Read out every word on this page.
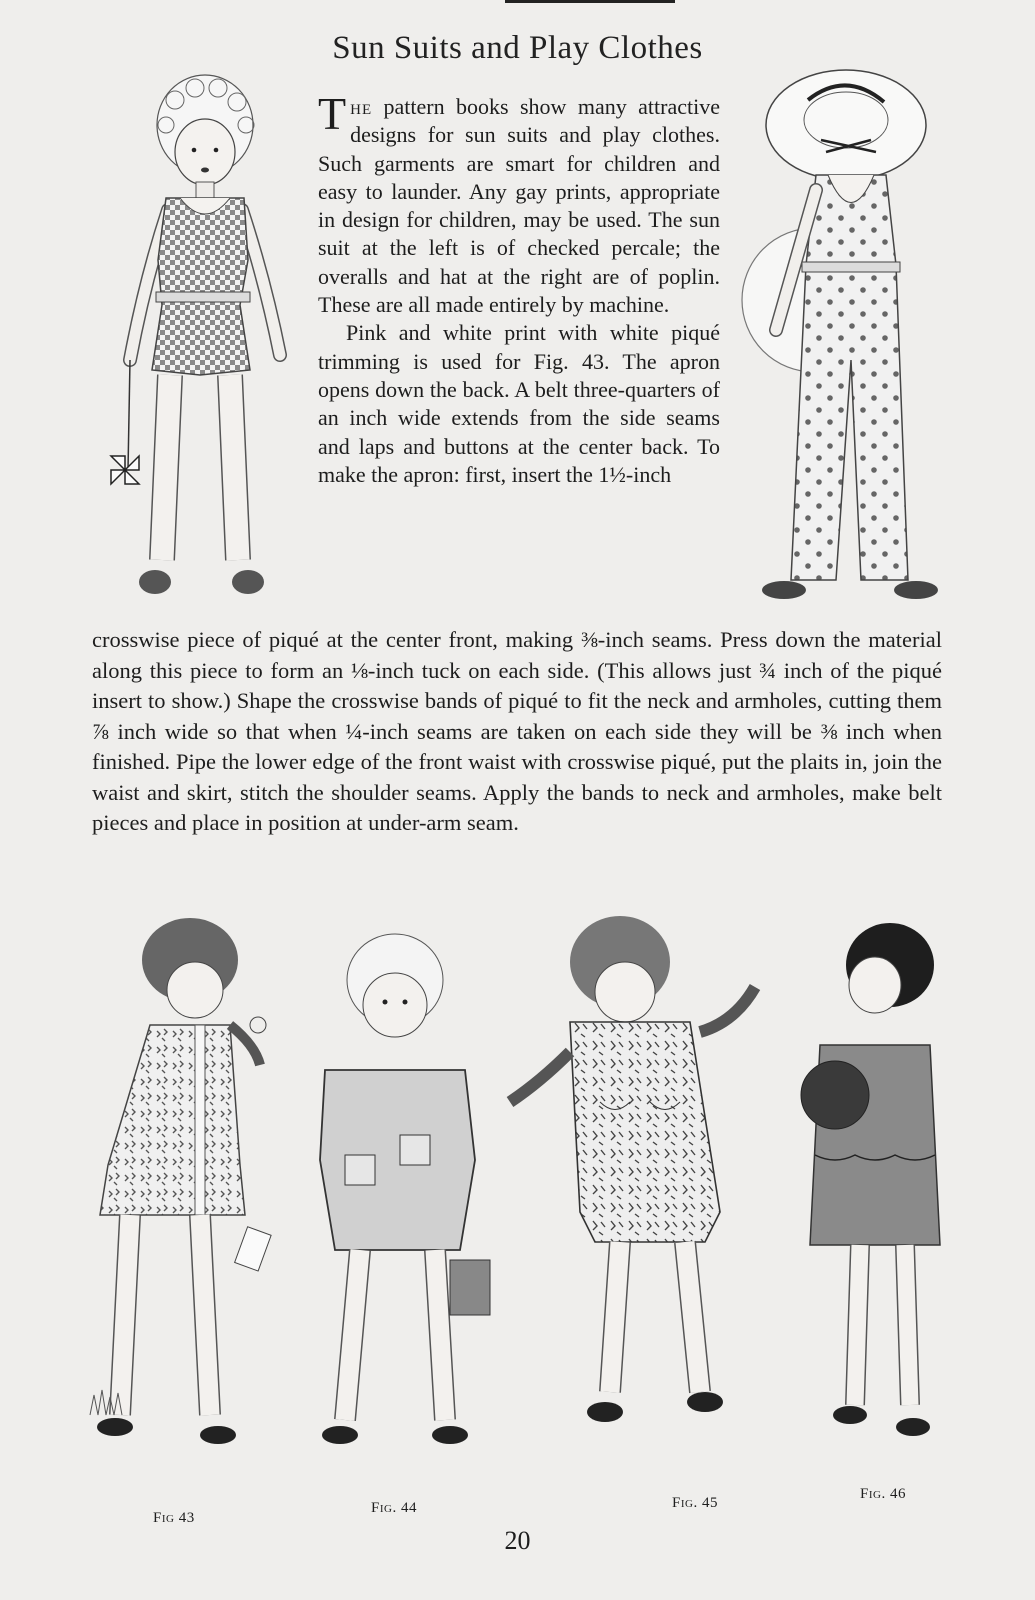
Sun Suits and Play Clothes

The pattern books show many attractive designs for sun suits and play clothes. Such garments are smart for children and easy to launder. Any gay prints, appropriate in design for children, may be used. The sun suit at the left is of checked percale; the overalls and hat at the right are of poplin. These are all made entirely by machine.

Pink and white print with white piqué trimming is used for Fig. 43. The apron opens down the back. A belt three-quarters of an inch wide extends from the side seams and laps and buttons at the center back. To make the apron: first, insert the 1½-inch

crosswise piece of piqué at the center front, making ⅜-inch seams. Press down the material along this piece to form an ⅛-inch tuck on each side. (This allows just ¾ inch of the piqué insert to show.) Shape the crosswise bands of piqué to fit the neck and armholes, cutting them ⅞ inch wide so that when ¼-inch seams are taken on each side they will be ⅜ inch when finished. Pipe the lower edge of the front waist with crosswise piqué, put the plaits in, join the waist and skirt, stitch the shoulder seams. Apply the bands to neck and armholes, make belt pieces and place in position at under-arm seam.

Fig 43
Fig. 44	Fig. 45
Fig. 46
20
